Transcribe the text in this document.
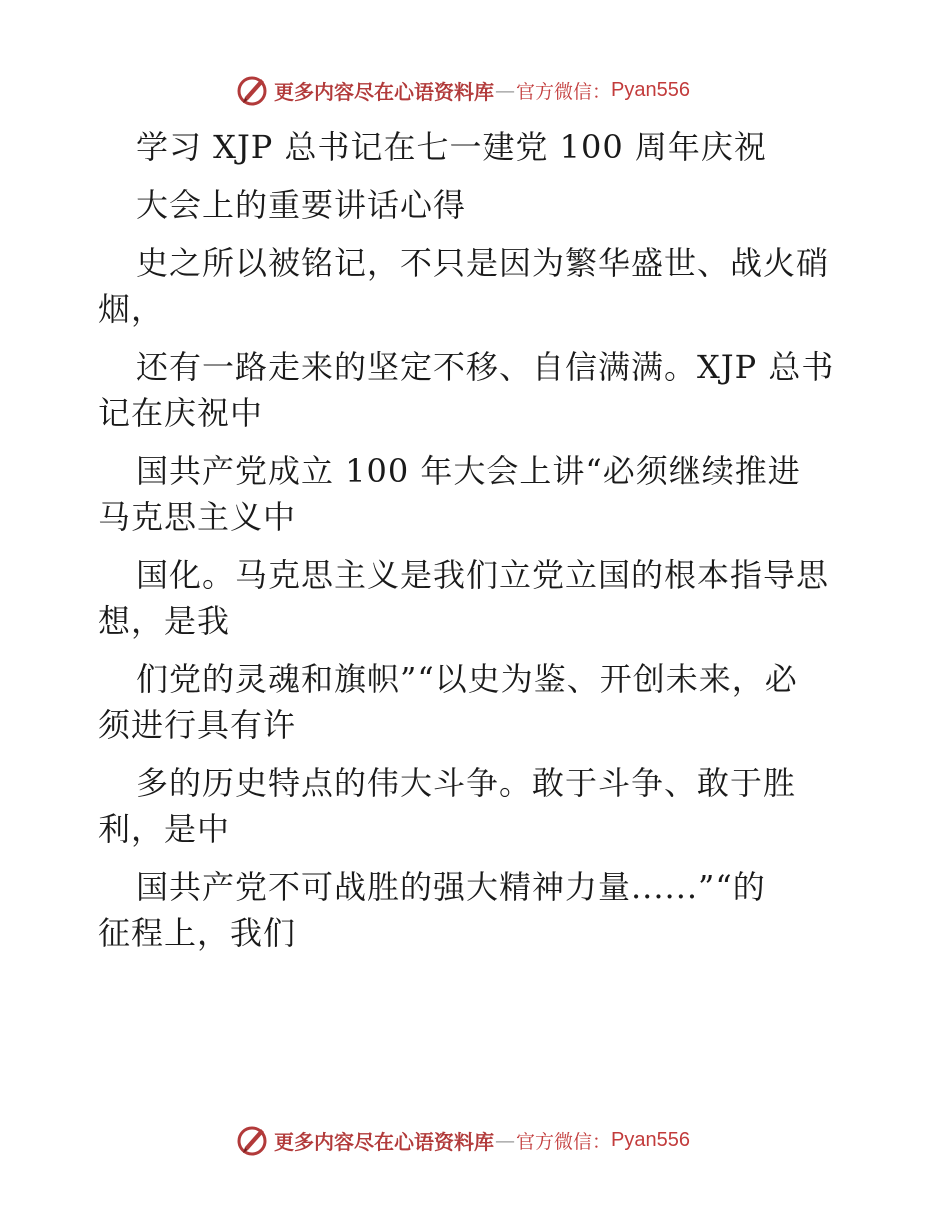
更多内容尽在心语资料库 — 官方微信： Pyan556
学习 XJP 总书记在七一建党 100 周年庆祝
大会上的重要讲话心得
史之所以被铭记，不只是因为繁华盛世、战火硝
烟，
还有一路走来的坚定不移、自信满满。XJP 总书
记在庆祝中
国共产党成立 100 年大会上讲“必须继续推进
马克思主义中
国化。马克思主义是我们立党立国的根本指导思
想，是我
们党的灵魂和旗帜”“以史为鉴、开创未来，必
须进行具有许
多的历史特点的伟大斗争。敢于斗争、敢于胜
利，是中
国共产党不可战胜的强大精神力量......”“的
征程上，我们
更多内容尽在心语资料库 — 官方微信： Pyan556
